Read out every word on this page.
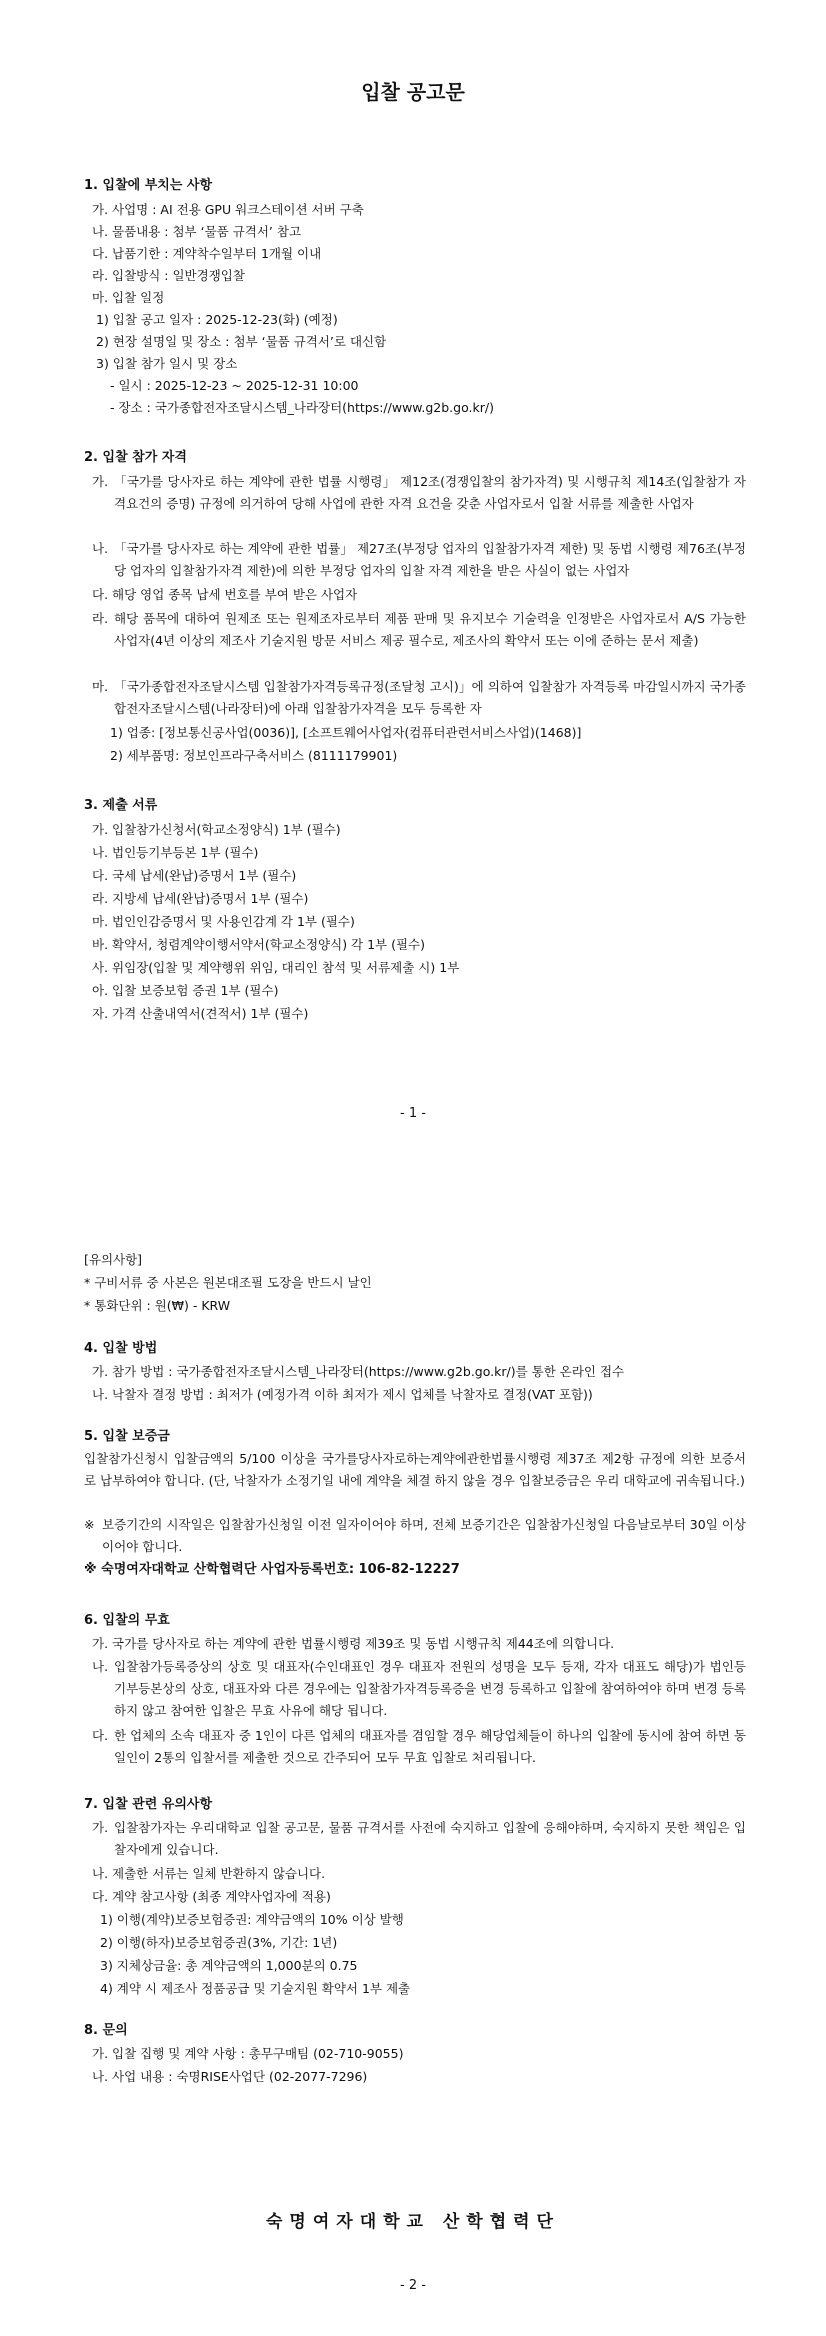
입찰 공고문
1. 입찰에 부치는 사항
가. 사업명 : AI 전용 GPU 워크스테이션 서버 구축
나. 물품내용 : 첨부 ‘물품 규격서’ 참고
다. 납품기한 : 계약착수일부터 1개월 이내
라. 입찰방식 : 일반경쟁입찰
마. 입찰 일정
1) 입찰 공고 일자 : 2025-12-23(화) (예정)
2) 현장 설명일 및 장소 : 첨부 ‘물품 규격서’로 대신함
3) 입찰 참가 일시 및 장소
- 일시 : 2025-12-23 ~ 2025-12-31 10:00
- 장소 : 국가종합전자조달시스템_나라장터(https://www.g2b.go.kr/)
2. 입찰 참가 자격
가. 「국가를 당사자로 하는 계약에 관한 법률 시행령」 제12조(경쟁입찰의 참가자격) 및 시행규칙 제14조(입찰참가 자격요건의 증명) 규정에 의거하여 당해 사업에 관한 자격 요건을 갖춘 사업자로서 입찰 서류를 제출한 사업자
나. 「국가를 당사자로 하는 계약에 관한 법률」 제27조(부정당 업자의 입찰참가자격 제한) 및 동법 시행령 제76조(부정당 업자의 입찰참가자격 제한)에 의한 부정당 업자의 입찰 자격 제한을 받은 사실이 없는 사업자
다. 해당 영업 종목 납세 번호를 부여 받은 사업자
라. 해당 품목에 대하여 원제조 또는 원제조자로부터 제품 판매 및 유지보수 기술력을 인정받은 사업자로서 A/S 가능한 사업자(4년 이상의 제조사 기술지원 방문 서비스 제공 필수로, 제조사의 확약서 또는 이에 준하는 문서 제출)
마. 「국가종합전자조달시스템 입찰참가자격등록규정(조달청 고시)」에 의하여 입찰참가 자격등록 마감일시까지 국가종합전자조달시스템(나라장터)에 아래 입찰참가자격을 모두 등록한 자
1) 업종: [정보통신공사업(0036)], [소프트웨어사업자(컴퓨터관련서비스사업)(1468)]
2) 세부품명: 정보인프라구축서비스 (8111179901)
3. 제출 서류
가. 입찰참가신청서(학교소정양식) 1부 (필수)
나. 법인등기부등본 1부 (필수)
다. 국세 납세(완납)증명서 1부 (필수)
라. 지방세 납세(완납)증명서 1부 (필수)
마. 법인인감증명서 및 사용인감계 각 1부 (필수)
바. 확약서, 청렴계약이행서약서(학교소정양식) 각 1부 (필수)
사. 위임장(입찰 및 계약행위 위임, 대리인 참석 및 서류제출 시) 1부
아. 입찰 보증보험 증권 1부 (필수)
자. 가격 산출내역서(견적서) 1부 (필수)
- 1 -
[유의사항]
* 구비서류 중 사본은 원본대조필 도장을 반드시 날인
* 통화단위 : 원(₩) - KRW
4. 입찰 방법
가. 참가 방법 : 국가종합전자조달시스템_나라장터(https://www.g2b.go.kr/)를 통한 온라인 접수
나. 낙찰자 결정 방법 : 최저가 (예정가격 이하 최저가 제시 업체를 낙찰자로 결정(VAT 포함))
5. 입찰 보증금
입찰참가신청시 입찰금액의 5/100 이상을 국가를당사자로하는계약에관한법률시행령 제37조 제2항 규정에 의한 보증서로 납부하여야 합니다. (단, 낙찰자가 소정기일 내에 계약을 체결 하지 않을 경우 입찰보증금은 우리 대학교에 귀속됩니다.)
※ 보증기간의 시작일은 입찰참가신청일 이전 일자이어야 하며, 전체 보증기간은 입찰참가신청일 다음날로부터 30일 이상이어야 합니다.
※ 숙명여자대학교 산학협력단 사업자등록번호: 106-82-12227
6. 입찰의 무효
가. 국가를 당사자로 하는 계약에 관한 법률시행령 제39조 및 동법 시행규칙 제44조에 의합니다.
나. 입찰참가등록증상의 상호 및 대표자(수인대표인 경우 대표자 전원의 성명을 모두 등재, 각자 대표도 해당)가 법인등기부등본상의 상호, 대표자와 다른 경우에는 입찰참가자격등록증을 변경 등록하고 입찰에 참여하여야 하며 변경 등록하지 않고 참여한 입찰은 무효 사유에 해당 됩니다.
다. 한 업체의 소속 대표자 중 1인이 다른 업체의 대표자를 겸임할 경우 해당업체들이 하나의 입찰에 동시에 참여 하면 동일인이 2통의 입찰서를 제출한 것으로 간주되어 모두 무효 입찰로 처리됩니다.
7. 입찰 관련 유의사항
가. 입찰참가자는 우리대학교 입찰 공고문, 물품 규격서를 사전에 숙지하고 입찰에 응해야하며, 숙지하지 못한 책임은 입찰자에게 있습니다.
나. 제출한 서류는 일체 반환하지 않습니다.
다. 계약 참고사항 (최종 계약사업자에 적용)
1) 이행(계약)보증보험증권: 계약금액의 10% 이상 발행
2) 이행(하자)보증보험증권(3%, 기간: 1년)
3) 지체상금율: 총 계약금액의 1,000분의 0.75
4) 계약 시 제조사 정품공급 및 기술지원 확약서 1부 제출
8. 문의
가. 입찰 집행 및 계약 사항 : 총무구매팀 (02-710-9055)
나. 사업 내용 : 숙명RISE사업단 (02-2077-7296)
숙명여자대학교 산학협력단
- 2 -
